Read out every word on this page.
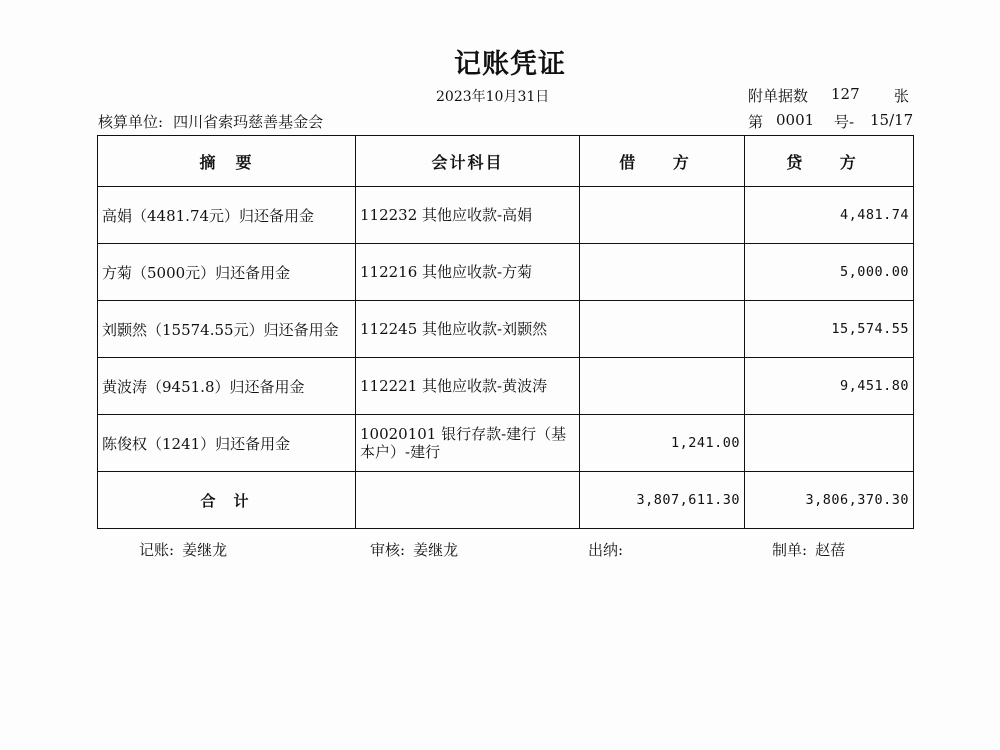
记账凭证
2023年10月31日	附单据数 127 张
核算单位: 四川省索玛慈善基金会	第 0001 号- 15/17
摘　要	会计科目	借 方	贷 方
高娟（4481.74元）归还备用金	112232 其他应收款-高娟		4,481.74
方菊（5000元）归还备用金	112216 其他应收款-方菊		5,000.00
刘颢然（15574.55元）归还备用金	112245 其他应收款-刘颢然		15,574.55
黄波涛（9451.8）归还备用金	112221 其他应收款-黄波涛		9,451.80
陈俊权（1241）归还备用金	10020101 银行存款-建行（基本户）-建行	1,241.00	
合计		3,807,611.30	3,806,370.30
记账: 姜继龙	审核: 姜继龙	出纳:	制单: 赵蓓
